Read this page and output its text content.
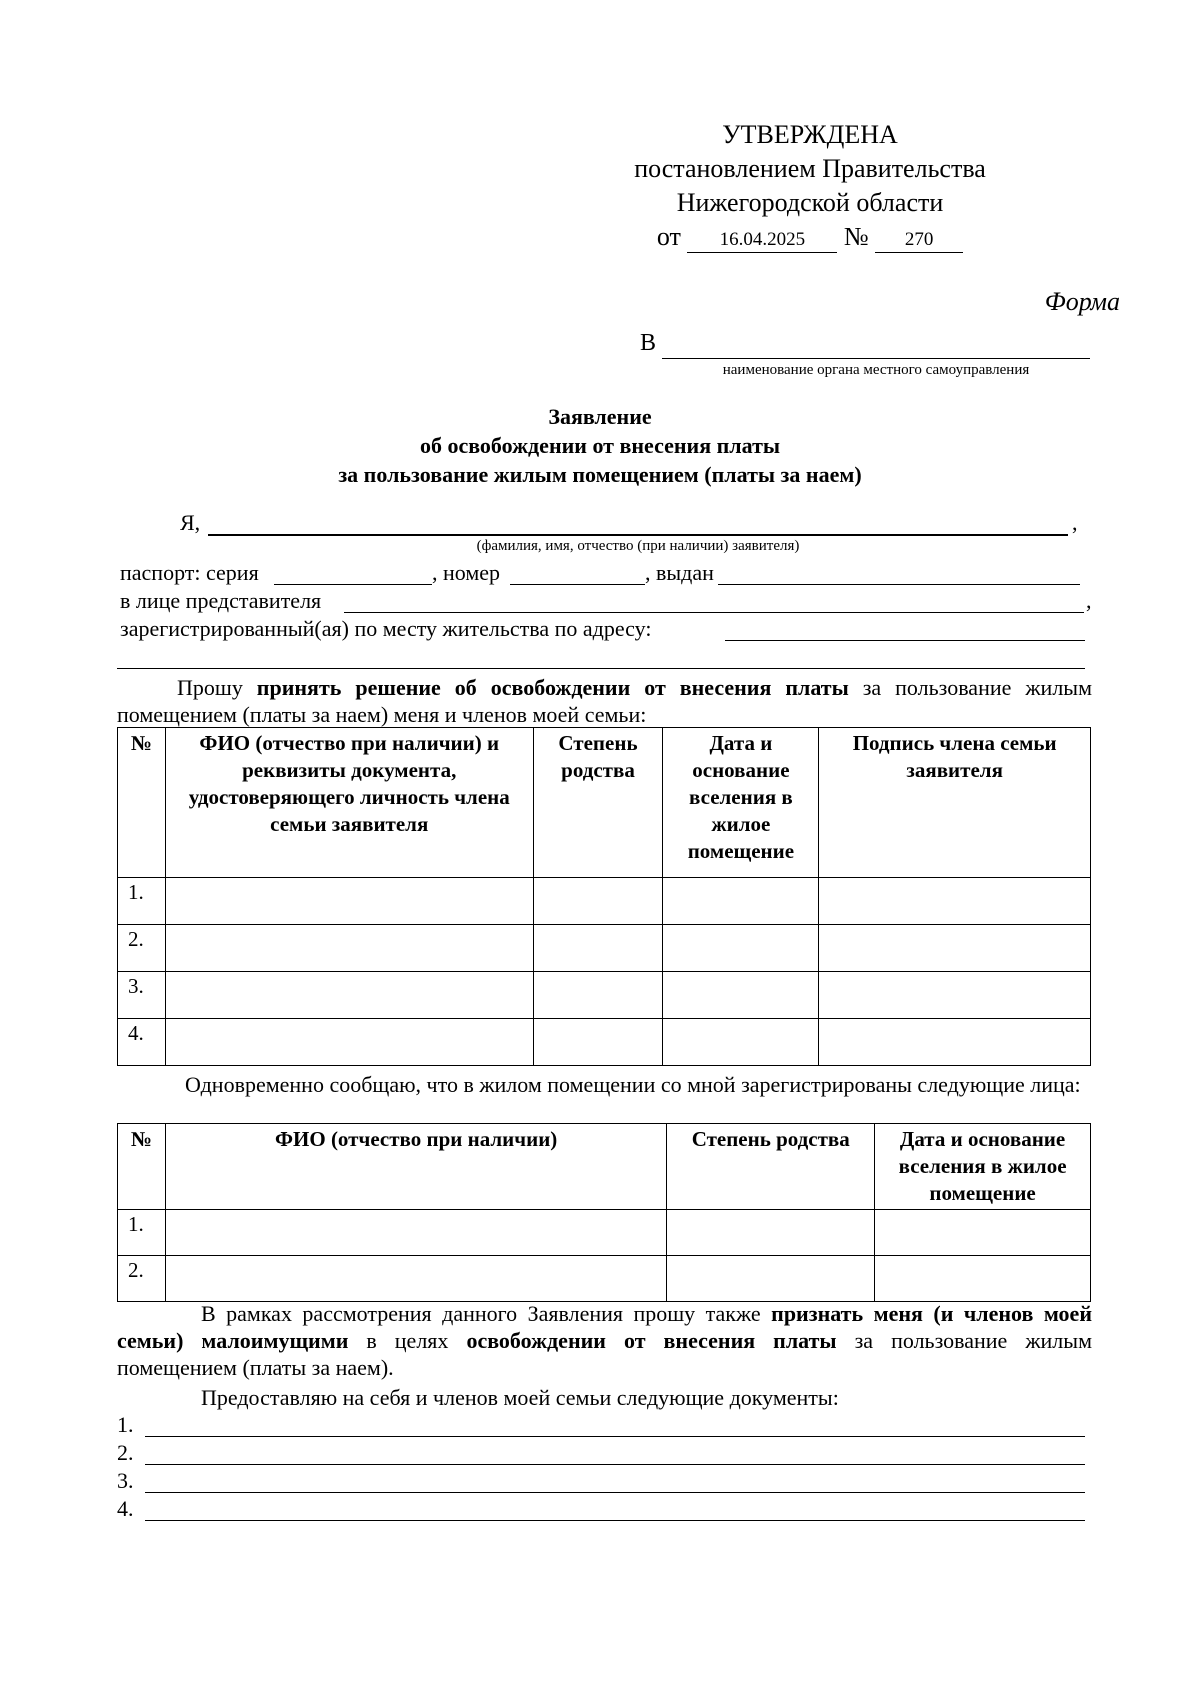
УТВЕРЖДЕНА
постановлением Правительства
Нижегородской области
от 16.04.2025 № 270
Форма
В
наименование органа местного самоуправления
Заявление
об освобождении от внесения платы
за пользование жилым помещением (платы за наем)
Я,	,
(фамилия, имя, отчество (при наличии) заявителя)
паспорт: серия	, номер	, выдан
в лице представителя	,
зарегистрированный(ая) по месту жительства по адресу:
Прошу принять решение об освобождении от внесения платы за пользование жилым помещением (платы за наем) меня и членов моей семьи:
№	ФИО (отчество при наличии) и реквизиты документа, удостоверяющего личность члена семьи заявителя	Степень родства	Дата и основание вселения в жилое помещение	Подпись члена семьи заявителя
1.				
2.				
3.				
4.				
Одновременно сообщаю, что в жилом помещении со мной зарегистрированы следующие лица:
№	ФИО (отчество при наличии)	Степень родства	Дата и основание вселения в жилое помещение
1.			
2.			
В рамках рассмотрения данного Заявления прошу также признать меня (и членов моей семьи) малоимущими в целях освобождении от внесения платы за пользование жилым помещением (платы за наем).
Предоставляю на себя и членов моей семьи следующие документы:
1.
2.
3.
4.
